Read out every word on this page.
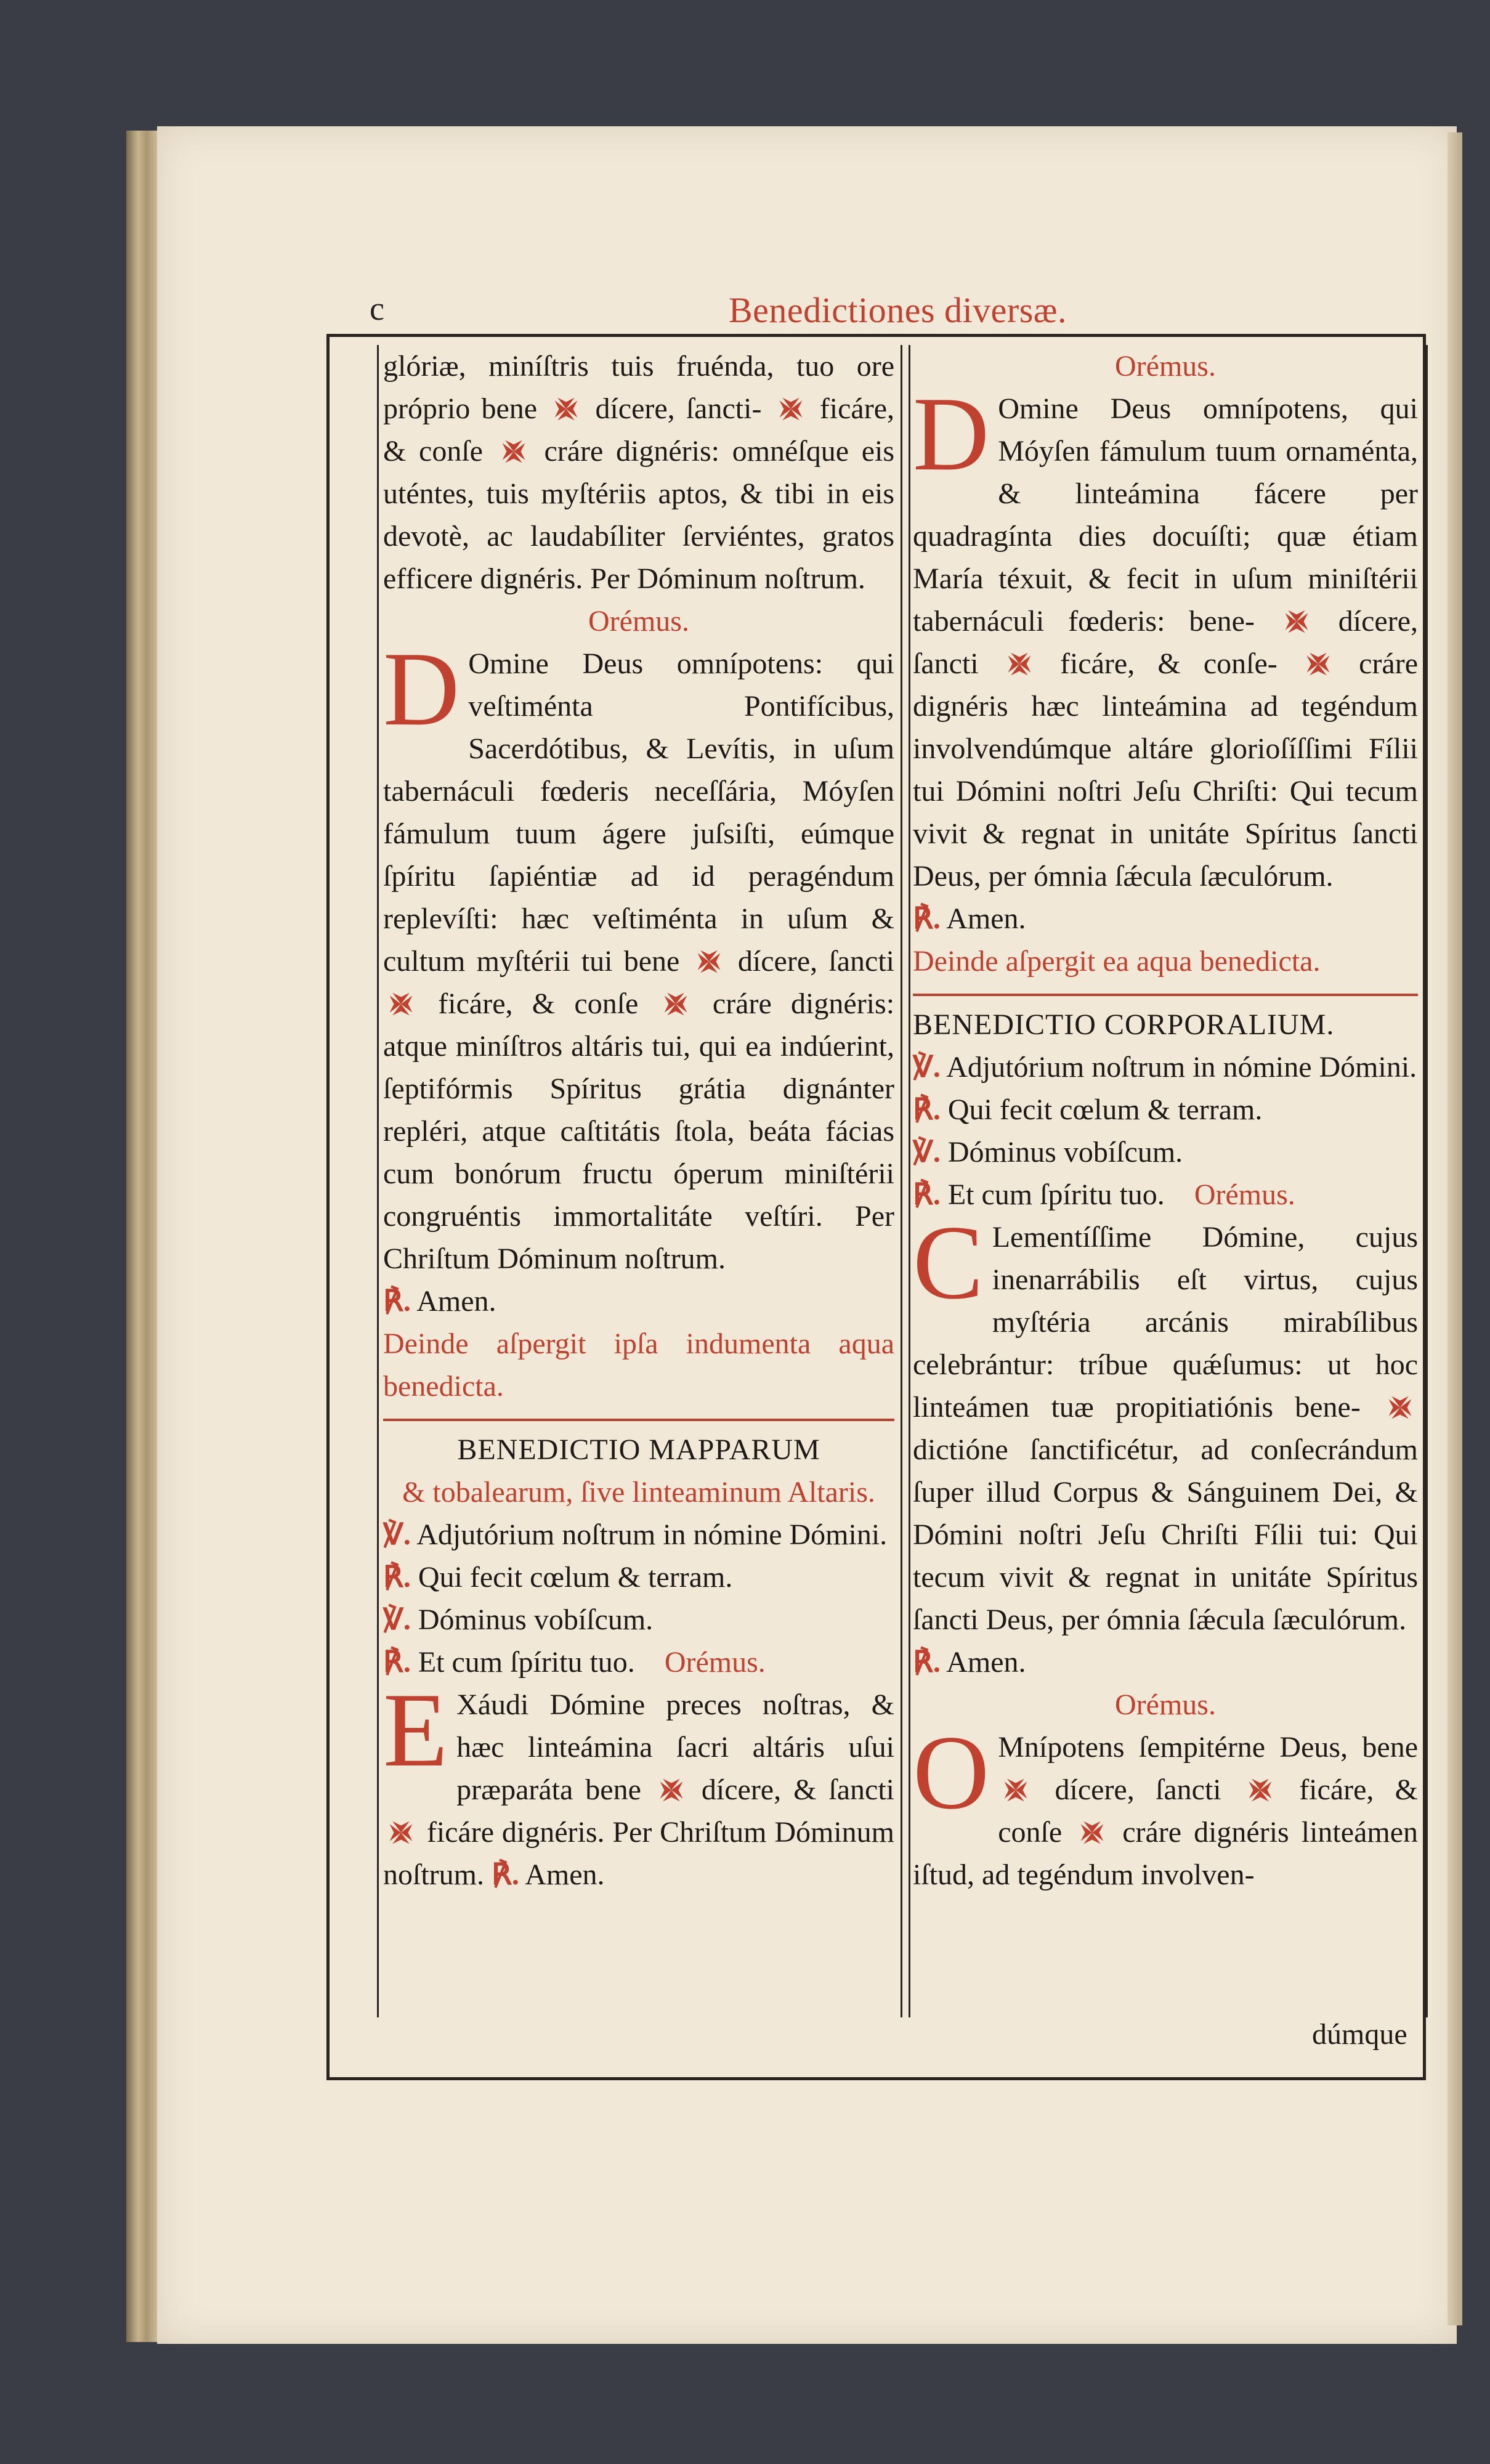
c	Benedictiones diversæ.

glóriæ, miníſtris tuis fruénda, tuo ore próprio bene dícere, ſancti- ficáre, & conſe cráre dignéris: omnéſque eis uténtes, tuis myſtériis aptos, & tibi in eis devotè, ac laudabíliter ſerviéntes, gratos efficere dignéris. Per Dóminum noſtrum.

Orémus.

D Omine Deus omnípotens: qui veſtiménta Pontifícibus, Sacerdótibus, & Levítis, in uſum tabernáculi fœderis neceſſária, Móyſen fámulum tuum ágere juſsiſti, eúmque ſpíritu ſapiéntiæ ad id peragéndum replevíſti: hæc veſtiménta in uſum & cultum myſtérii tui bene dícere, ſancti  ficáre, & conſe	cráre dignéris: atque miníſtros altáris tui, qui ea indúerint, ſeptifórmis Spíritus grátia dignánter repléri, atque caſtitátis ſtola, beáta fácias cum bonórum fructu óperum miniſtérii congruéntis immortalitáte veſtíri. Per Chriſtum Dóminum noſtrum.

℟. Amen.

Deinde aſpergit ipſa indumenta aqua benedicta.

BENEDICTIO MAPPARUM

& tobalearum, ſive linteaminum Altaris.

℣. Adjutórium noſtrum in nómine Dómini.

℟. Qui fecit cœlum & terram.

℣. Dóminus vobíſcum.

℟. Et cum ſpíritu tuo. Orémus.

E Xáudi Dómine preces noſtras, & hæc linteámina ſacri altáris uſui præparáta bene dícere, & ſancti  ficáre dignéris. Per Chriſtum Dóminum noſtrum. ℟. Amen.

Orémus.

D Omine Deus omnípotens, qui Móyſen fámulum tuum ornaménta, & linteámina fácere per quadragínta dies docuíſti; quæ étiam María téxuit, & fecit in uſum miniſtérii tabernáculi fœderis: bene-	dícere, ſancti	ficáre, & conſe-	cráre dignéris hæc linteámina ad tegéndum involvendúmque altáre glorioſíſſimi Fílii tui Dómini noſtri Jeſu Chriſti: Qui tecum vivit & regnat in unitáte Spíritus ſancti Deus, per ómnia ſǽcula ſæculórum.

℟. Amen.

Deinde aſpergit ea aqua benedicta.

BENEDICTIO CORPORALIUM.

℣. Adjutórium noſtrum in nómine Dómini.

℟. Qui fecit cœlum & terram.

℣. Dóminus vobíſcum.

℟. Et cum ſpíritu tuo. Orémus.

C Lementíſſime Dómine, cujus inenarrábilis eſt virtus, cujus myſtéria arcánis mirabílibus celebrántur: tríbue quǽſumus: ut hoc linteámen tuæ propitiatiónis bene-  dictióne ſanctificétur, ad conſecrándum ſuper illud Corpus & Sánguinem Dei, & Dómini noſtri Jeſu Chriſti Fílii tui: Qui tecum vivit & regnat in unitáte Spíritus ſancti Deus, per ómnia ſǽcula ſæculórum.

℟. Amen.

Orémus.

O Mnípotens ſempitérne Deus, bene  dícere, ſancti	ficáre, & conſe cráre dignéris linteámen iſtud, ad tegéndum involven-

dúmque
